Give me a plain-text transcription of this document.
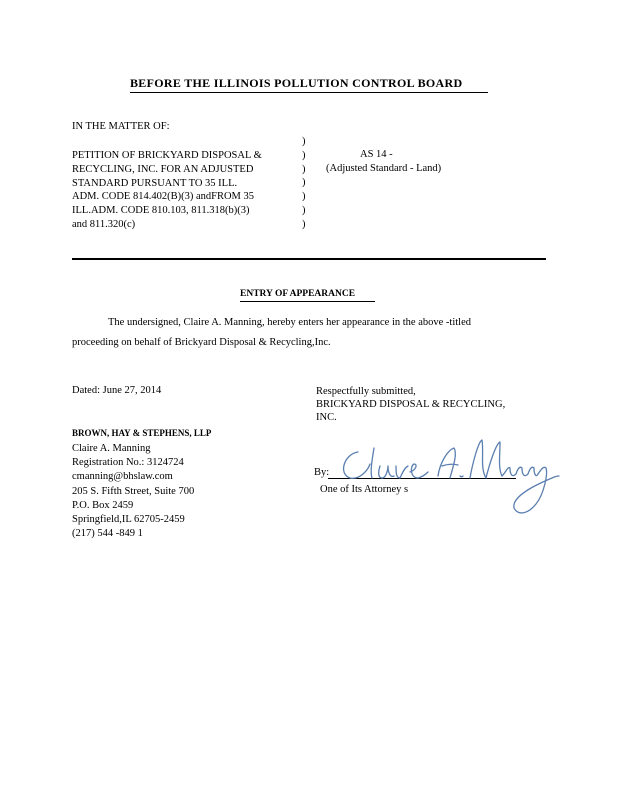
BEFORE THE ILLINOIS POLLUTION CONTROL BOARD
IN THE MATTER OF:
PETITION OF BRICKYARD DISPOSAL &
RECYCLING, INC. FOR AN ADJUSTED
STANDARD PURSUANT TO 35 ILL.
ADM. CODE 814.402(B)(3) andFROM 35
ILL.ADM. CODE 810.103, 811.318(b)(3)
and 811.320(c)
)
)
)
)
)
)
)
AS 14 -
(Adjusted Standard - Land)
ENTRY OF APPEARANCE
The undersigned, Claire A. Manning, hereby enters her appearance in the above -titled
proceeding on behalf of Brickyard Disposal & Recycling,Inc.
Dated: June 27, 2014	Respectfully submitted,
BRICKYARD DISPOSAL & RECYCLING,
INC.
BROWN, HAY & STEPHENS, LLP
Claire A. Manning
Registration No.: 3124724
cmanning@bhslaw.com
205 S. Fifth Street, Suite 700
P.O. Box 2459
Springfield,IL 62705-2459
(217) 544 -849 1
By:
One of Its Attorney s
